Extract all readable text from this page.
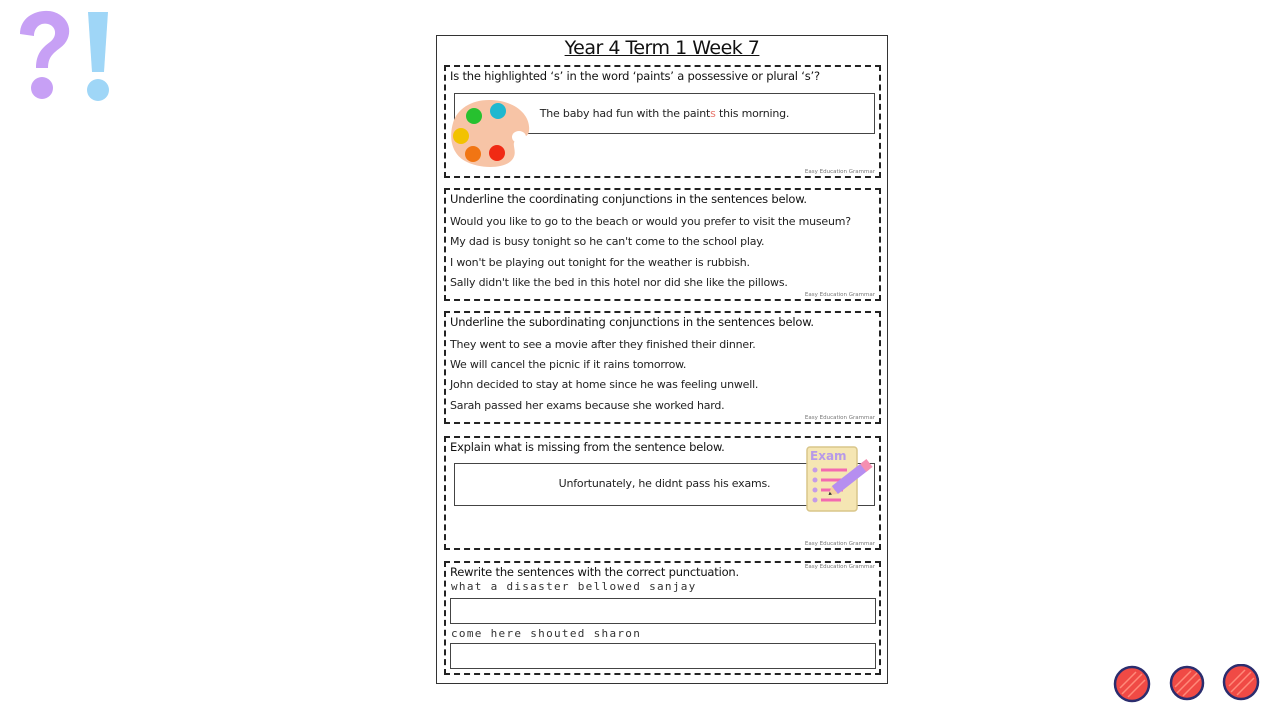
Year 4 Term 1 Week 7
Is the highlighted ‘s’ in the word ‘paints’ a possessive or plural ‘s’?
The baby had fun with the paints this morning.
Easy Education Grammar
Underline the coordinating conjunctions in the sentences below.
Would you like to go to the beach or would you prefer to visit the museum?
My dad is busy tonight so he can't come to the school play.
I won't be playing out tonight for the weather is rubbish.
Sally didn't like the bed in this hotel nor did she like the pillows.
Easy Education Grammar
Underline the subordinating conjunctions in the sentences below.
They went to see a movie after they finished their dinner.
We will cancel the picnic if it rains tomorrow.
John decided to stay at home since he was feeling unwell.
Sarah passed her exams because she worked hard.
Easy Education Grammar
Explain what is missing from the sentence below.
Unfortunately, he didnt pass his exams.
Exam
Easy Education Grammar
Rewrite the sentences with the correct punctuation.	Easy Education Grammar
what a disaster bellowed sanjay
come here shouted sharon
